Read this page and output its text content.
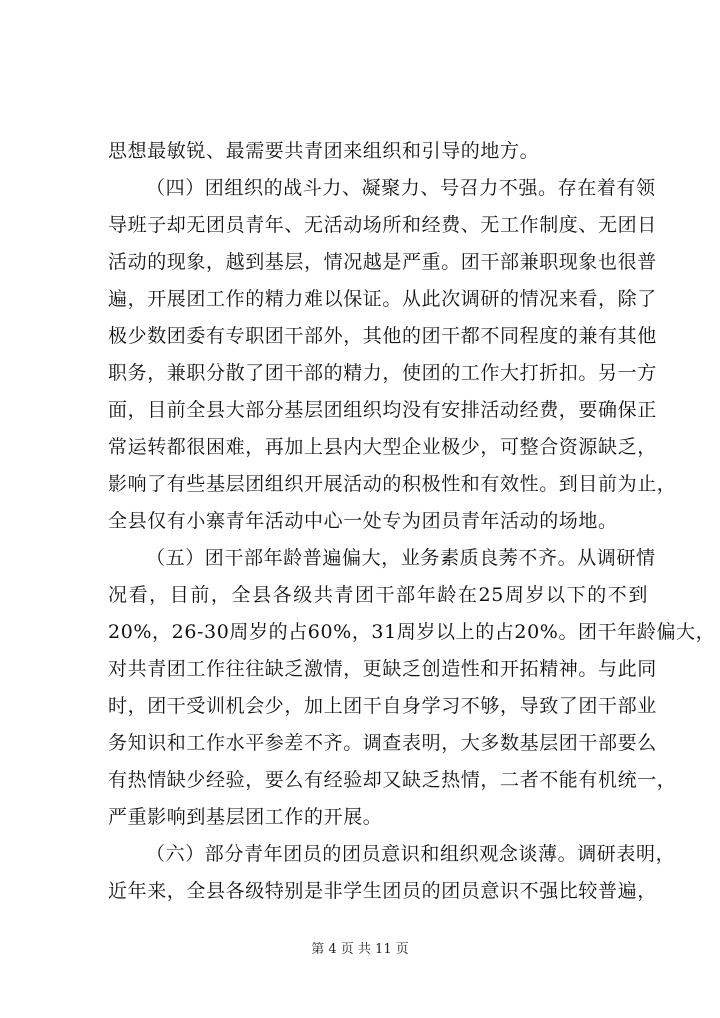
思想最敏锐、最需要共青团来组织和引导的地方。
（四）团组织的战斗力、凝聚力、号召力不强。存在着有领
导班子却无团员青年、无活动场所和经费、无工作制度、无团日
活动的现象，越到基层，情况越是严重。团干部兼职现象也很普
遍，开展团工作的精力难以保证。从此次调研的情况来看，除了
极少数团委有专职团干部外，其他的团干都不同程度的兼有其他
职务，兼职分散了团干部的精力，使团的工作大打折扣。另一方
面，目前全县大部分基层团组织均没有安排活动经费，要确保正
常运转都很困难，再加上县内大型企业极少，可整合资源缺乏，
影响了有些基层团组织开展活动的积极性和有效性。到目前为止，
全县仅有小寨青年活动中心一处专为团员青年活动的场地。
（五）团干部年龄普遍偏大，业务素质良莠不齐。从调研情
况看，目前，全县各级共青团干部年龄在25周岁以下的不到
20%，26-30周岁的占60%，31周岁以上的占20%。团干年龄偏大，
对共青团工作往往缺乏激情，更缺乏创造性和开拓精神。与此同
时，团干受训机会少，加上团干自身学习不够，导致了团干部业
务知识和工作水平参差不齐。调查表明，大多数基层团干部要么
有热情缺少经验，要么有经验却又缺乏热情，二者不能有机统一，
严重影响到基层团工作的开展。
（六）部分青年团员的团员意识和组织观念谈薄。调研表明，
近年来，全县各级特别是非学生团员的团员意识不强比较普遍，
第 4 页 共 11 页
